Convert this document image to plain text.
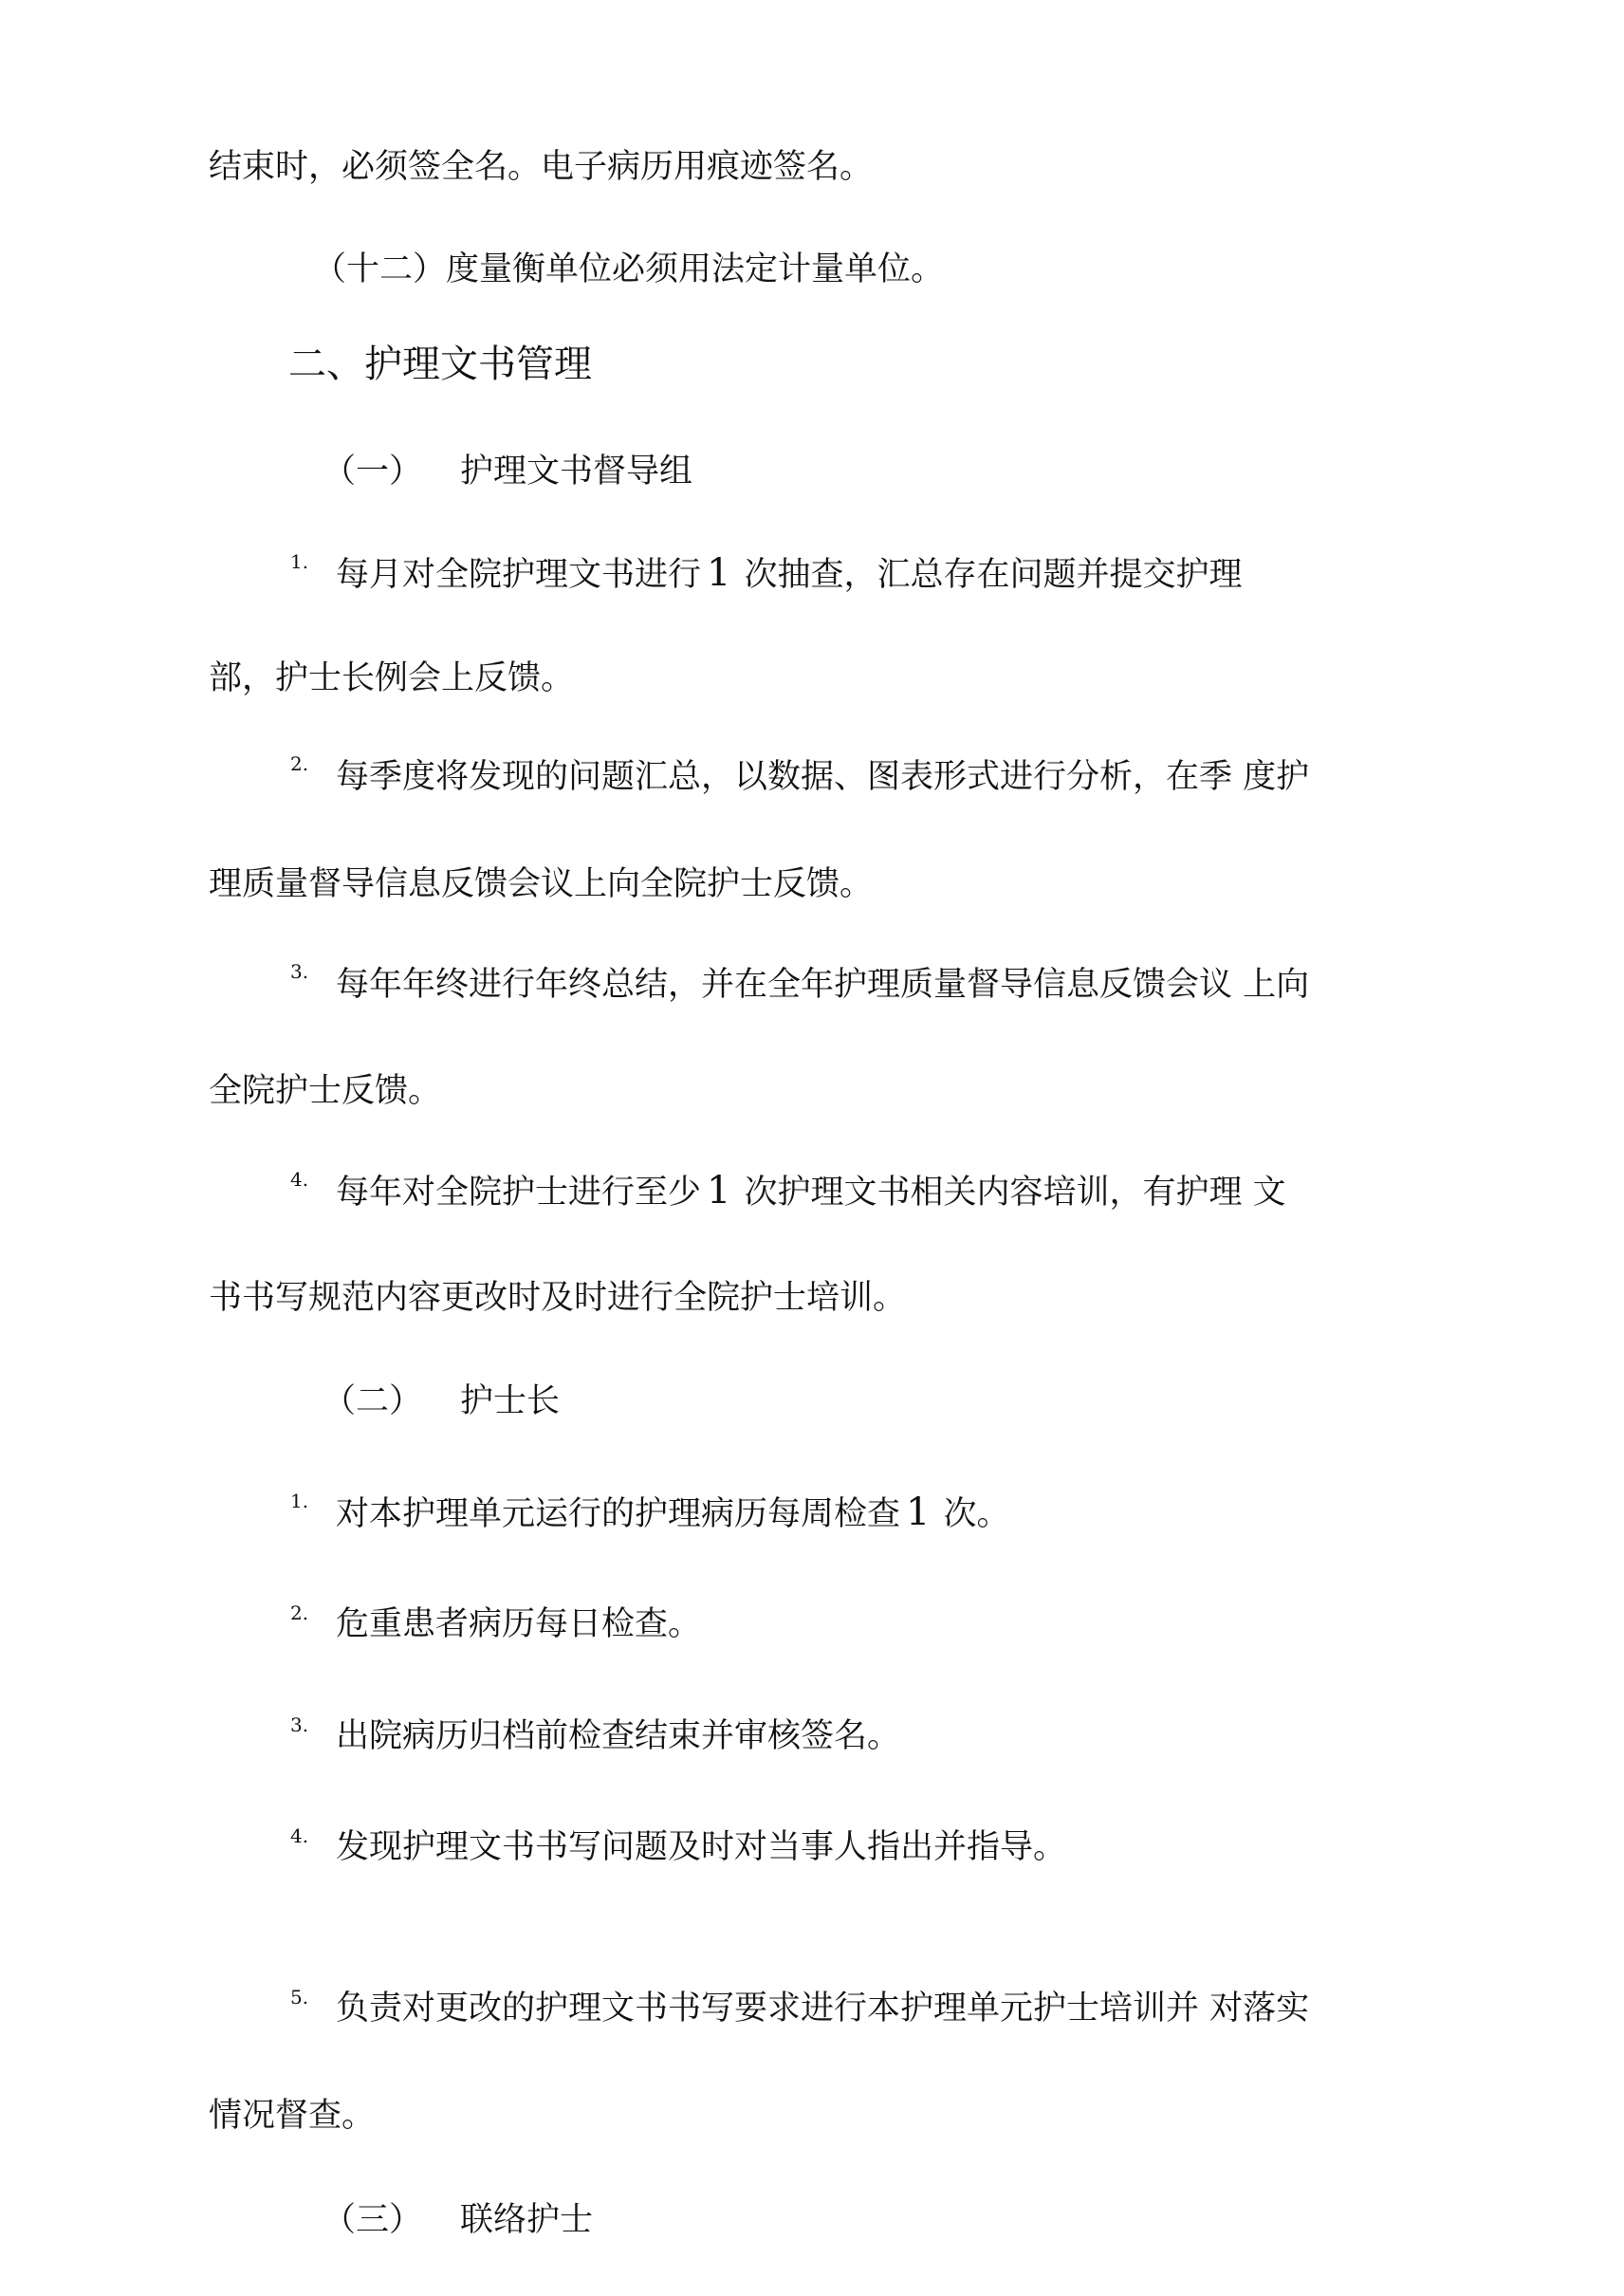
结束时，必须签全名。电子病历用痕迹签名。

（十二）度量衡单位必须用法定计量单位。

二、护理文书管理

（一） 护理文书督导组

1. 每月对全院护理文书进行 1 次抽查，汇总存在问题并提交护理

部，护士长例会上反馈。

2. 每季度将发现的问题汇总，以数据、图表形式进行分析，在季 度护

理质量督导信息反馈会议上向全院护士反馈。

3. 每年年终进行年终总结，并在全年护理质量督导信息反馈会议 上向

全院护士反馈。

4. 每年对全院护士进行至少 1 次护理文书相关内容培训，有护理 文

书书写规范内容更改时及时进行全院护士培训。

（二） 护士长

1. 对本护理单元运行的护理病历每周检查 1 次。

2. 危重患者病历每日检查。

3. 出院病历归档前检查结束并审核签名。

4. 发现护理文书书写问题及时对当事人指出并指导。

5. 负责对更改的护理文书书写要求进行本护理单元护士培训并 对落实

情况督查。

（三） 联络护士
